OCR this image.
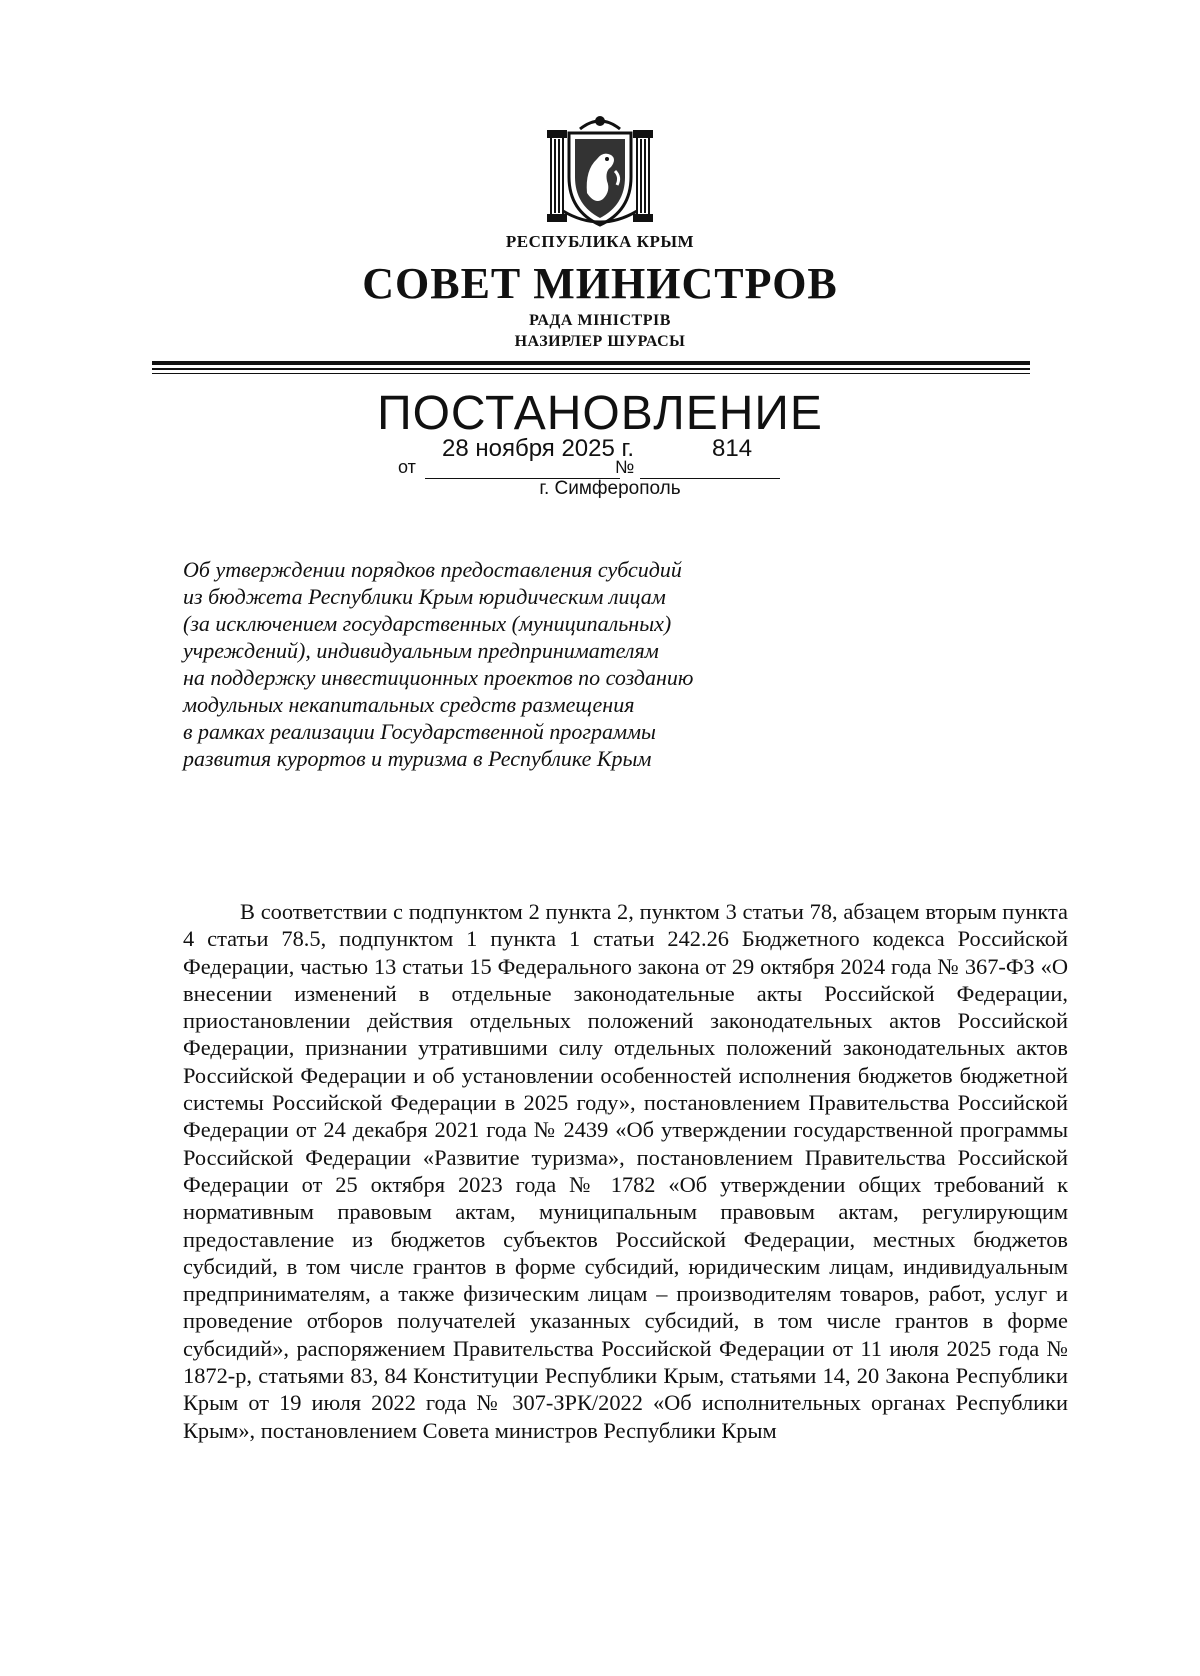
РЕСПУБЛИКА КРЫМ
СОВЕТ МИНИСТРОВ
РАДА МІНІСТРІВ
НАЗИРЛЕР ШУРАСЫ
ПОСТАНОВЛЕНИЕ
от
28 ноября 2025 г.
№
814
г. Симферополь
Об утверждении порядков предоставления субсидий
из бюджета Республики Крым юридическим лицам
(за исключением государственных (муниципальных)
учреждений), индивидуальным предпринимателям
на поддержку инвестиционных проектов по созданию
модульных некапитальных средств размещения
в рамках реализации Государственной программы
развития курортов и туризма в Республике Крым

В соответствии с подпунктом 2 пункта 2, пунктом 3 статьи 78, абзацем вторым пункта 4 статьи 78.5, подпунктом 1 пункта 1 статьи 242.26 Бюджетного кодекса Российской Федерации, частью 13 статьи 15 Федерального закона от 29 октября 2024 года № 367-ФЗ «О внесении изменений в отдельные законодательные акты Российской Федерации, приостановлении действия отдельных положений законодательных актов Российской Федерации, признании утратившими силу отдельных положений законодательных актов Российской Федерации и об установлении особенностей исполнения бюджетов бюджетной системы Российской Федерации в 2025 году», постановлением Правительства Российской Федерации от 24 декабря 2021 года № 2439 «Об утверждении государственной программы Российской Федерации «Развитие туризма», постановлением Правительства Российской Федерации от 25 октября 2023 года № 1782 «Об утверждении общих требований к нормативным правовым актам, муниципальным правовым актам, регулирующим предоставление из бюджетов субъектов Российской Федерации, местных бюджетов субсидий, в том числе грантов в форме субсидий, юридическим лицам, индивидуальным предпринимателям, а также физическим лицам – производителям товаров, работ, услуг и проведение отборов получателей указанных субсидий, в том числе грантов в форме субсидий», распоряжением Правительства Российской Федерации от 11 июля 2025 года № 1872-р, статьями 83, 84 Конституции Республики Крым, статьями 14, 20 Закона Республики Крым от 19 июля 2022 года № 307-ЗРК/2022 «Об исполнительных органах Республики Крым», постановлением Совета министров Республики Крым
